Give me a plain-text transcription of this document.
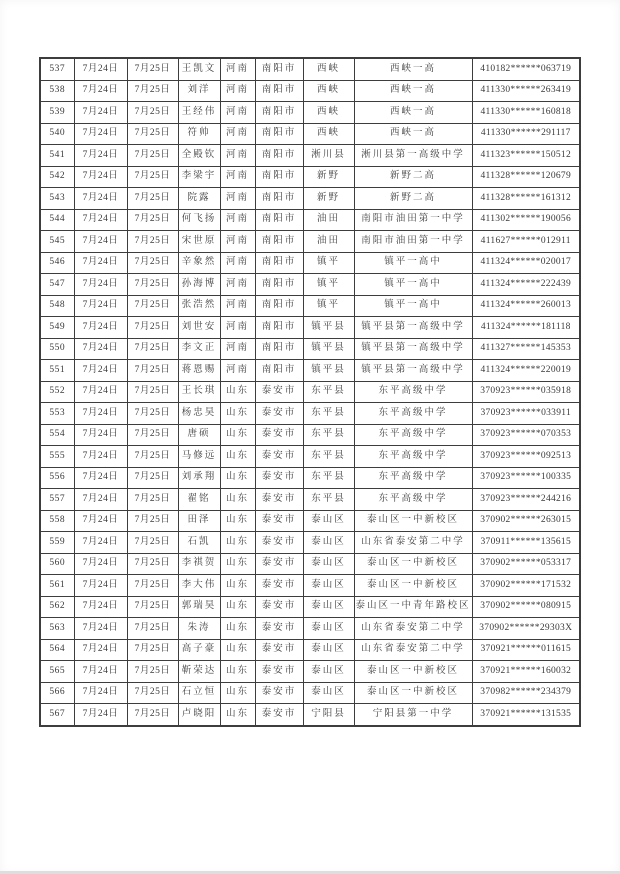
537	7月24日	7月25日	王凯文	河南	南阳市	西峡	西峡一高	410182******063719
538	7月24日	7月25日	刘洋	河南	南阳市	西峡	西峡一高	411330******263419
539	7月24日	7月25日	王经伟	河南	南阳市	西峡	西峡一高	411330******160818
540	7月24日	7月25日	符帅	河南	南阳市	西峡	西峡一高	411330******291117
541	7月24日	7月25日	全殿钦	河南	南阳市	淅川县	淅川县第一高级中学	411323******150512
542	7月24日	7月25日	李梁宇	河南	南阳市	新野	新野二高	411328******120679
543	7月24日	7月25日	院露	河南	南阳市	新野	新野二高	411328******161312
544	7月24日	7月25日	何飞扬	河南	南阳市	油田	南阳市油田第一中学	411302******190056
545	7月24日	7月25日	宋世原	河南	南阳市	油田	南阳市油田第一中学	411627******012911
546	7月24日	7月25日	辛象然	河南	南阳市	镇平	镇平一高中	411324******020017
547	7月24日	7月25日	孙海博	河南	南阳市	镇平	镇平一高中	411324******222439
548	7月24日	7月25日	张浩然	河南	南阳市	镇平	镇平一高中	411324******260013
549	7月24日	7月25日	刘世安	河南	南阳市	镇平县	镇平县第一高级中学	411324******181118
550	7月24日	7月25日	李文正	河南	南阳市	镇平县	镇平县第一高级中学	411327******145353
551	7月24日	7月25日	蒋恩赐	河南	南阳市	镇平县	镇平县第一高级中学	411324******220019
552	7月24日	7月25日	王长琪	山东	泰安市	东平县	东平高级中学	370923******035918
553	7月24日	7月25日	杨忠昊	山东	泰安市	东平县	东平高级中学	370923******033911
554	7月24日	7月25日	唐硕	山东	泰安市	东平县	东平高级中学	370923******070353
555	7月24日	7月25日	马修远	山东	泰安市	东平县	东平高级中学	370923******092513
556	7月24日	7月25日	刘承翔	山东	泰安市	东平县	东平高级中学	370923******100335
557	7月24日	7月25日	翟铭	山东	泰安市	东平县	东平高级中学	370923******244216
558	7月24日	7月25日	田泽	山东	泰安市	泰山区	泰山区一中新校区	370902******263015
559	7月24日	7月25日	石凯	山东	泰安市	泰山区	山东省泰安第二中学	370911******135615
560	7月24日	7月25日	李祺贺	山东	泰安市	泰山区	泰山区一中新校区	370902******053317
561	7月24日	7月25日	李大伟	山东	泰安市	泰山区	泰山区一中新校区	370902******171532
562	7月24日	7月25日	郭瑞昊	山东	泰安市	泰山区	泰山区一中青年路校区	370902******080915
563	7月24日	7月25日	朱涛	山东	泰安市	泰山区	山东省泰安第二中学	370902******29303X
564	7月24日	7月25日	高子豪	山东	泰安市	泰山区	山东省泰安第二中学	370921******011615
565	7月24日	7月25日	靳荣达	山东	泰安市	泰山区	泰山区一中新校区	370921******160032
566	7月24日	7月25日	石立恒	山东	泰安市	泰山区	泰山区一中新校区	370982******234379
567	7月24日	7月25日	卢晓阳	山东	泰安市	宁阳县	宁阳县第一中学	370921******131535
